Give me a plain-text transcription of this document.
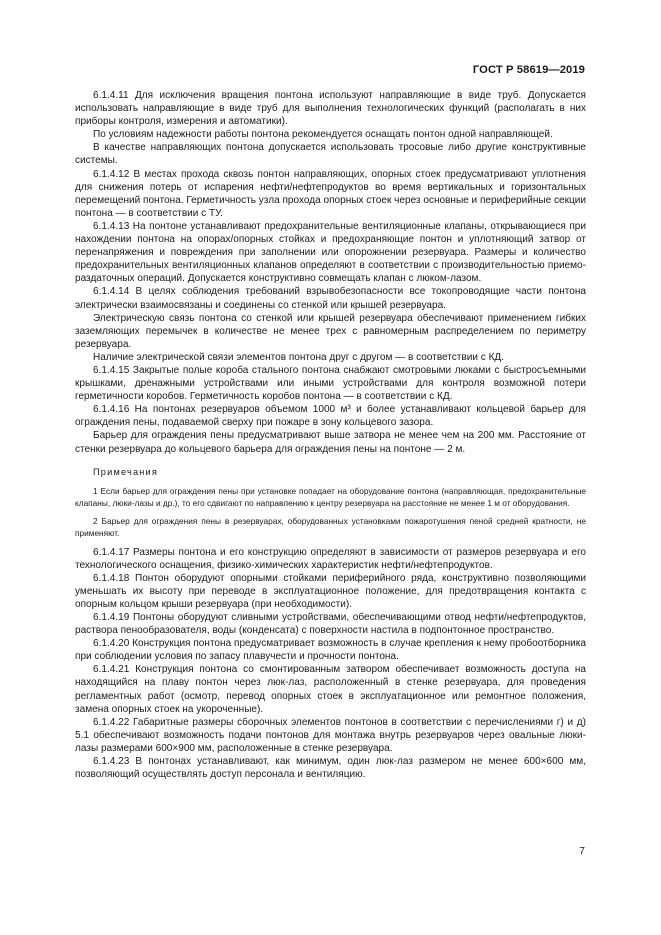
ГОСТ Р 58619—2019

6.1.4.11 Для исключения вращения понтона используют направляющие в виде труб. Допускается использовать направляющие в виде труб для выполнения технологических функций (располагать в них приборы контроля, измерения и автоматики).

По условиям надежности работы понтона рекомендуется оснащать понтон одной направляющей.

В качестве направляющих понтона допускается использовать тросовые либо другие конструктивные системы.

6.1.4.12 В местах прохода сквозь понтон направляющих, опорных стоек предусматривают уплотнения для снижения потерь от испарения нефти/нефтепродуктов во время вертикальных и горизонтальных перемещений понтона. Герметичность узла прохода опорных стоек через основные и периферийные секции понтона — в соответствии с ТУ.

6.1.4.13 На понтоне устанавливают предохранительные вентиляционные клапаны, открывающиеся при нахождении понтона на опорах/опорных стойках и предохраняющие понтон и уплотняющий затвор от перенапряжения и повреждения при заполнении или опорожнении резервуара. Размеры и количество предохранительных вентиляционных клапанов определяют в соответствии с производительностью приемо-раздаточных операций. Допускается конструктивно совмещать клапан с люком-лазом.

6.1.4.14 В целях соблюдения требований взрывобезопасности все токопроводящие части понтона электрически взаимосвязаны и соединены со стенкой или крышей резервуара.

Электрическую связь понтона со стенкой или крышей резервуара обеспечивают применением гибких заземляющих перемычек в количестве не менее трех с равномерным распределением по периметру резервуара.

Наличие электрической связи элементов понтона друг с другом — в соответствии с КД.

6.1.4.15 Закрытые полые короба стального понтона снабжают смотровыми люками с быстросъемными крышками, дренажными устройствами или иными устройствами для контроля возможной потери герметичности коробов. Герметичность коробов понтона — в соответствии с КД.

6.1.4.16 На понтонах резервуаров объемом 1000 м³ и более устанавливают кольцевой барьер для ограждения пены, подаваемой сверху при пожаре в зону кольцевого зазора.

Барьер для ограждения пены предусматривают выше затвора не менее чем на 200 мм. Расстояние от стенки резервуара до кольцевого барьера для ограждения пены на понтоне — 2 м.

Примечания

1 Если барьер для ограждения пены при установке попадает на оборудование понтона (направляющая, предохранительные клапаны, люки-лазы и др.), то его сдвигают по направлению к центру резервуара на расстояние не менее 1 м от оборудования.

2 Барьер для ограждения пены в резервуарах, оборудованных установками пожаротушения пеной средней кратности, не применяют.

6.1.4.17 Размеры понтона и его конструкцию определяют в зависимости от размеров резервуара и его технологического оснащения, физико-химических характеристик нефти/нефтепродуктов.

6.1.4.18 Понтон оборудуют опорными стойками периферийного ряда, конструктивно позволяющими уменьшать их высоту при переводе в эксплуатационное положение, для предотвращения контакта с опорным кольцом крыши резервуара (при необходимости).

6.1.4.19 Понтоны оборудуют сливными устройствами, обеспечивающими отвод нефти/нефтепродуктов, раствора пенообразователя, воды (конденсата) с поверхности настила в подпонтонное пространство.

6.1.4.20 Конструкция понтона предусматривает возможность в случае крепления к нему пробоотборника при соблюдении условия по запасу плавучести и прочности понтона.

6.1.4.21 Конструкция понтона со смонтированным затвором обеспечивает возможность доступа на находящийся на плаву понтон через люк-лаз, расположенный в стенке резервуара, для проведения регламентных работ (осмотр, перевод опорных стоек в эксплуатационное или ремонтное положения, замена опорных стоек на укороченные).

6.1.4.22 Габаритные размеры сборочных элементов понтонов в соответствии с перечислениями г) и д) 5.1 обеспечивают возможность подачи понтонов для монтажа внутрь резервуаров через овальные люки-лазы размерами 600×900 мм, расположенные в стенке резервуара.

6.1.4.23 В понтонах устанавливают, как минимум, один люк-лаз размером не менее 600×600 мм, позволяющий осуществлять доступ персонала и вентиляцию.

7
